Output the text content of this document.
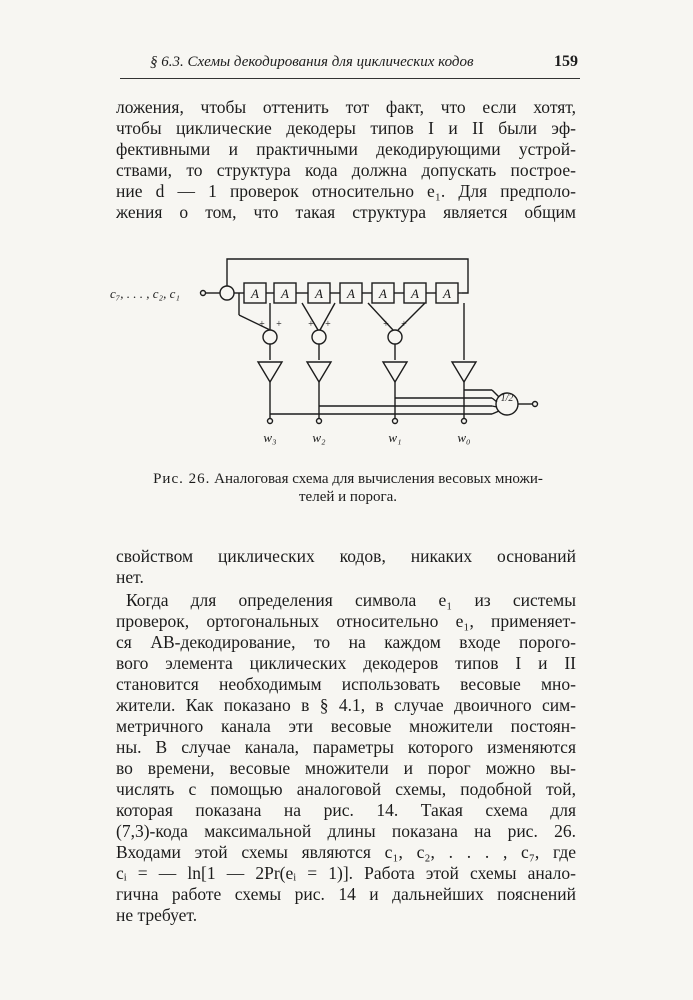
§ 6.3. Схемы декодирования для циклических кодов	159
ложения, чтобы оттенить тот факт, что если хотят,
чтобы циклические декодеры типов I и II были эф-
фективными и практичными декодирующими устрой-
ствами, то структура кода должна допускать построе-
ние d — 1 проверок относительно e₁. Для предполо-
жения о том, что такая структура является общим
c₇, . . . , c₂, c₁	A A A A A A A
+ +	+ +	+ +
1/2
w₃	w₂	w₁	w₀
Рис. 26. Аналоговая схема для вычисления весовых множи-
телей и порога.
свойством циклических кодов, никаких оснований
нет.
Когда для определения символа e₁ из системы
проверок, ортогональных относительно e₁, применяет-
ся АВ-декодирование, то на каждом входе порого-
вого элемента циклических декодеров типов I и II
становится необходимым использовать весовые мно-
жители. Как показано в § 4.1, в случае двоичного сим-
метричного канала эти весовые множители постоян-
ны. В случае канала, параметры которого изменяются
во времени, весовые множители и порог можно вы-
числять с помощью аналоговой схемы, подобной той,
которая показана на рис. 14. Такая схема для
(7,3)-кода максимальной длины показана на рис. 26.
Входами этой схемы являются c₁, c₂, . . . , c₇, где
cᵢ = — ln[1 — 2Pr(eᵢ = 1)]. Работа этой схемы анало-
гична работе схемы рис. 14 и дальнейших пояснений
не требует.
